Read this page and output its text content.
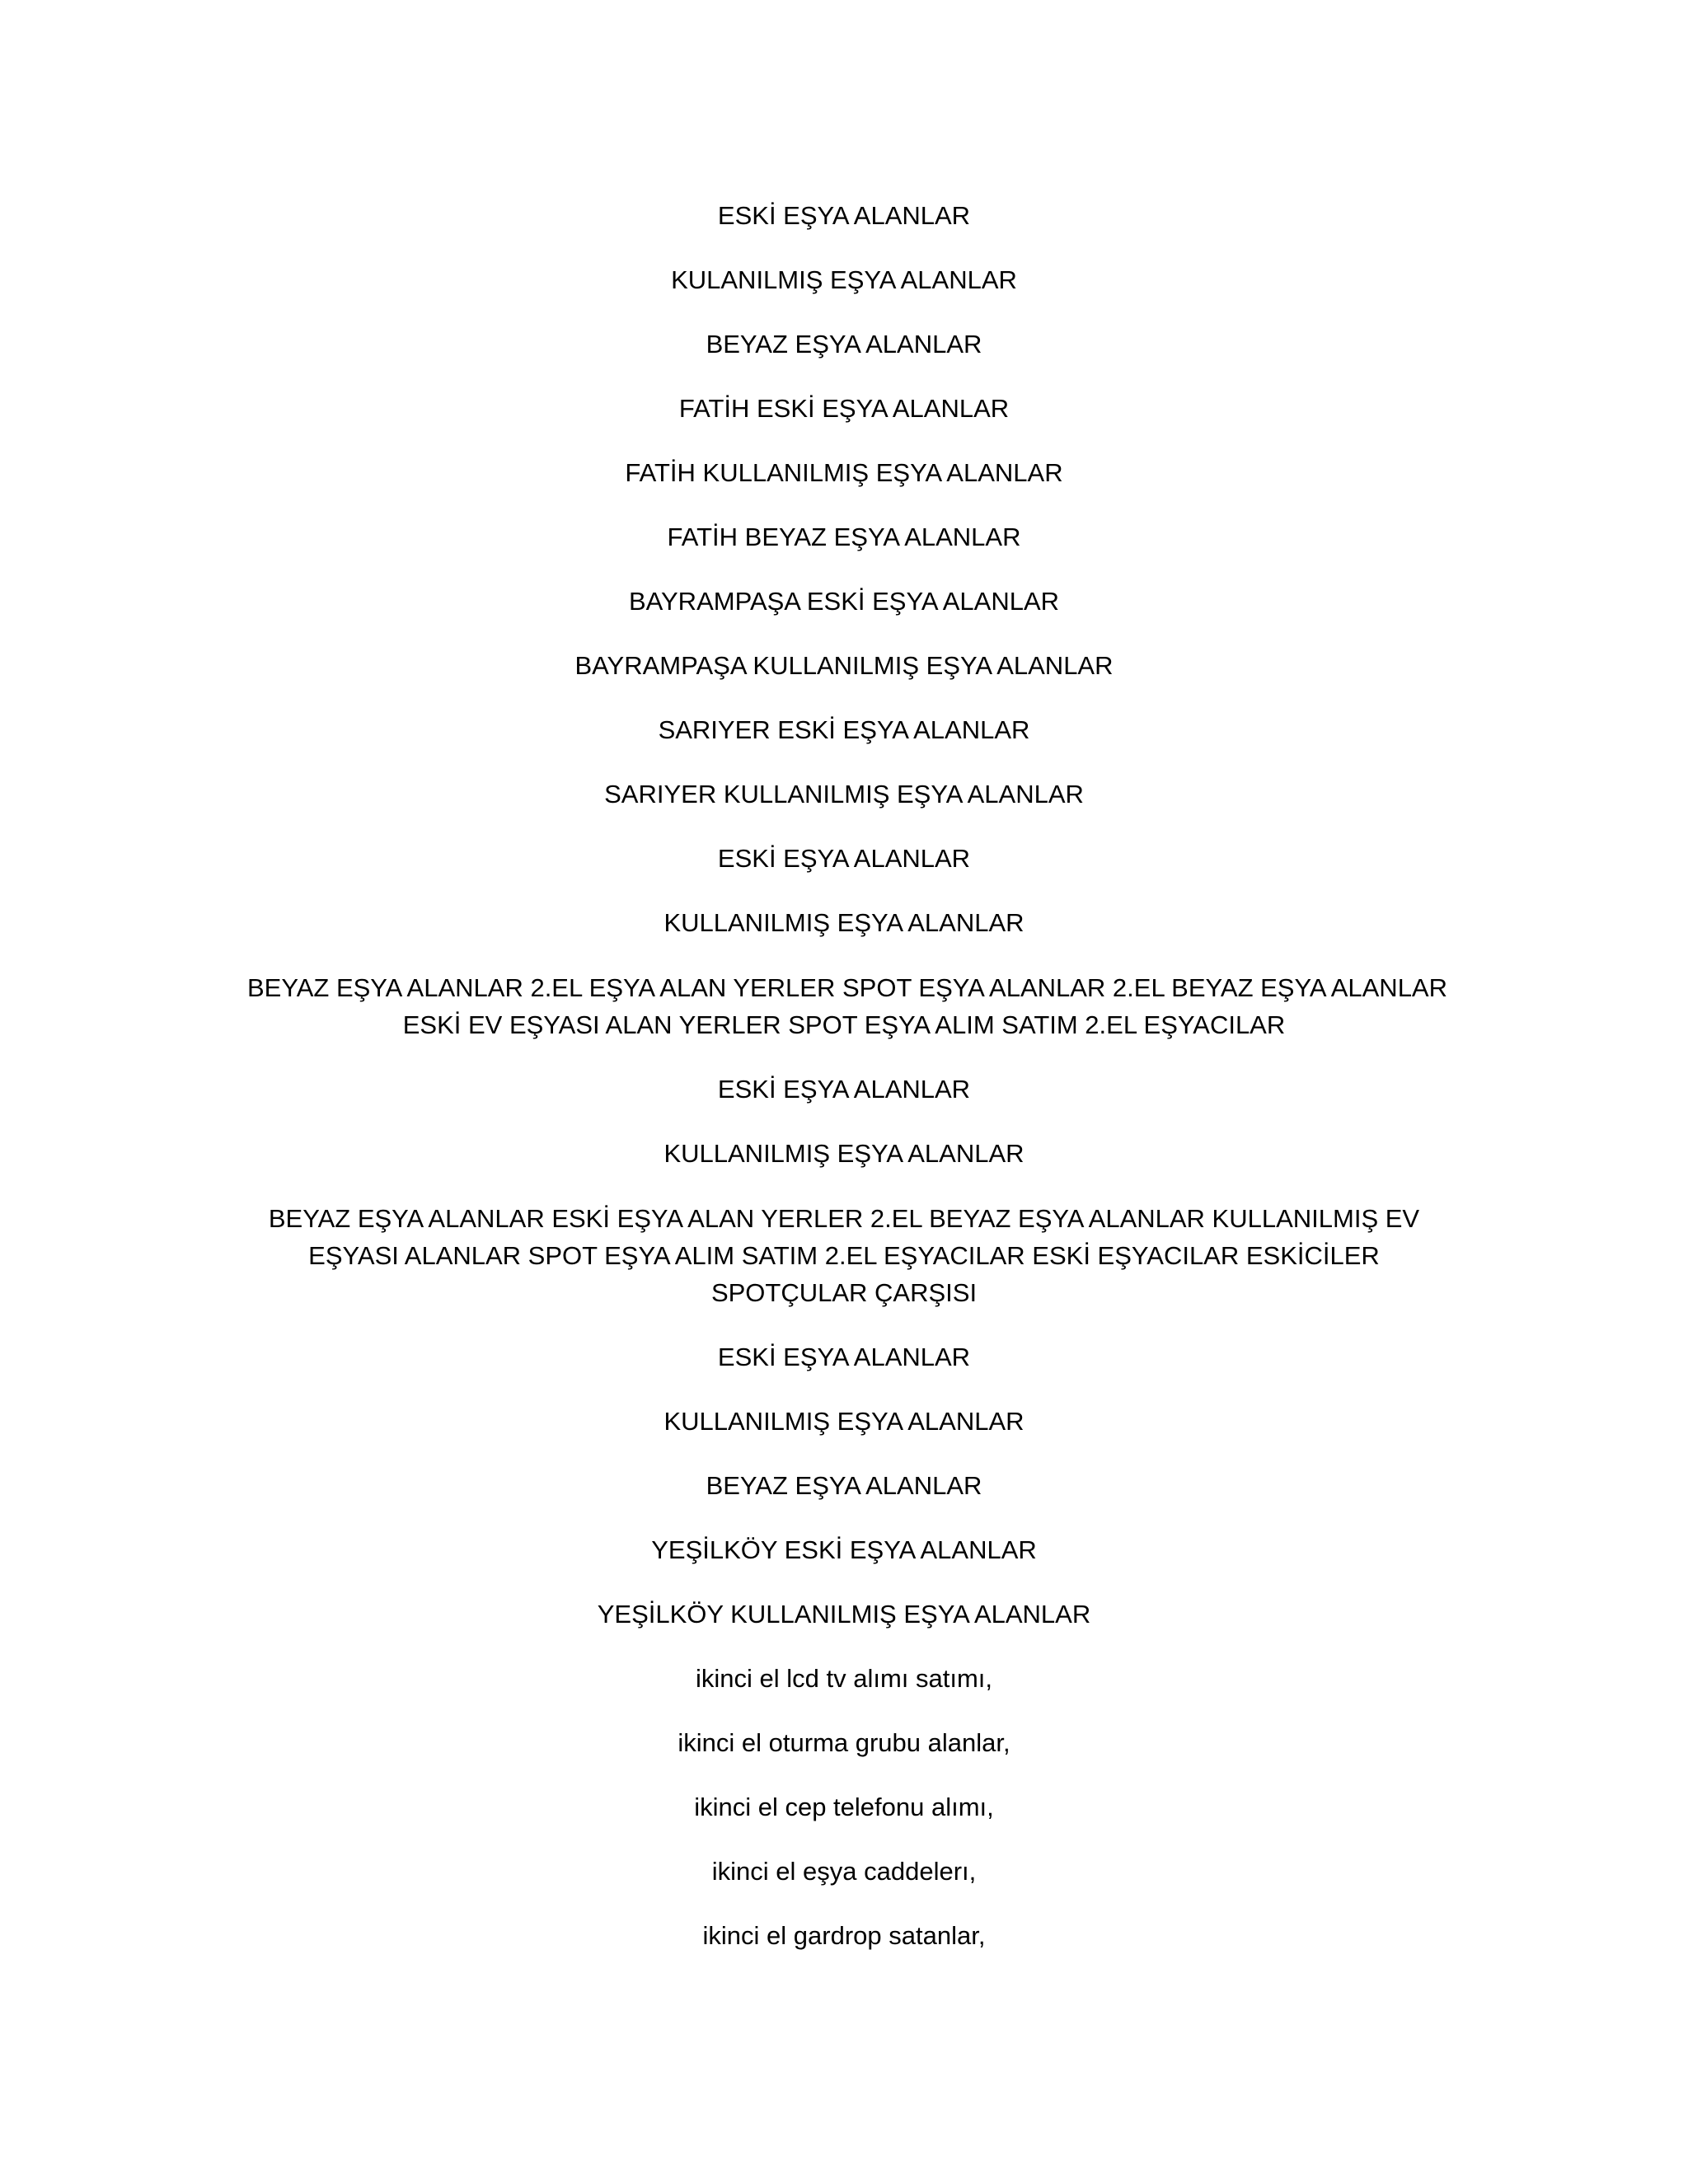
ESKİ EŞYA ALANLAR
KULANILMIŞ EŞYA ALANLAR
BEYAZ EŞYA ALANLAR
FATİH ESKİ EŞYA ALANLAR
FATİH KULLANILMIŞ EŞYA ALANLAR
FATİH BEYAZ EŞYA ALANLAR
BAYRAMPAŞA ESKİ EŞYA ALANLAR
BAYRAMPAŞA KULLANILMIŞ EŞYA ALANLAR
SARIYER ESKİ EŞYA ALANLAR
SARIYER KULLANILMIŞ EŞYA ALANLAR
ESKİ EŞYA ALANLAR
KULLANILMIŞ EŞYA ALANLAR
BEYAZ EŞYA ALANLAR 2.EL EŞYA ALAN YERLER SPOT EŞYA ALANLAR 2.EL BEYAZ EŞYA ALANLAR
ESKİ EV EŞYASI ALAN YERLER SPOT EŞYA ALIM SATIM 2.EL EŞYACILAR
ESKİ EŞYA ALANLAR
KULLANILMIŞ EŞYA ALANLAR
BEYAZ EŞYA ALANLAR ESKİ EŞYA ALAN YERLER 2.EL BEYAZ EŞYA ALANLAR KULLANILMIŞ EV
EŞYASI ALANLAR SPOT EŞYA ALIM SATIM 2.EL EŞYACILAR ESKİ EŞYACILAR ESKİCİLER
SPOTÇULAR ÇARŞISI
ESKİ EŞYA ALANLAR
KULLANILMIŞ EŞYA ALANLAR
BEYAZ EŞYA ALANLAR
YEŞİLKÖY ESKİ EŞYA ALANLAR
YEŞİLKÖY KULLANILMIŞ EŞYA ALANLAR
ikinci el lcd tv alımı satımı,
ikinci el oturma grubu alanlar,
ikinci el cep telefonu alımı,
ikinci el eşya caddelerı,
ikinci el gardrop satanlar,
